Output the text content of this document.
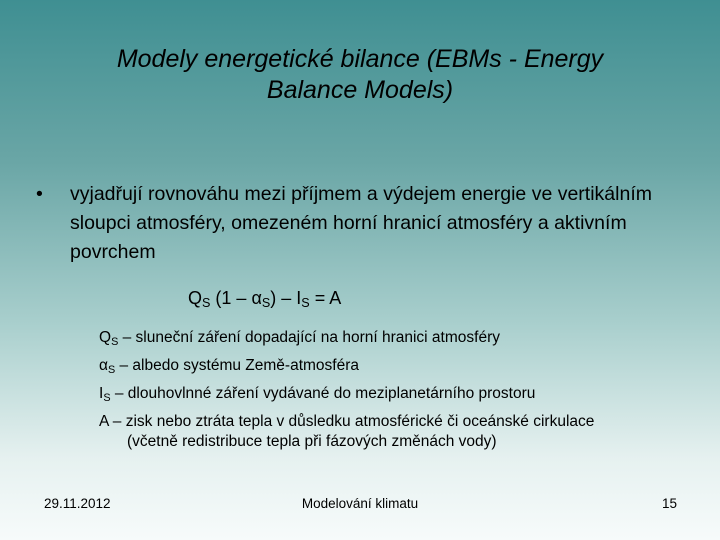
Modely energetické bilance (EBMs - Energy
Balance Models)
•	vyjadřují rovnováhu mezi příjmem a výdejem energie ve vertikálním sloupci atmosféry, omezeném horní hranicí atmosféry a aktivním povrchem
$Q_S$ $(1 - \alpha_S) - I_S = A$
$Q_S$ – sluneční záření dopadající na horní hranici atmosféry
$\alpha_S$ – albedo systému Země-atmosféra
$I_S$ – dlouhovlnné záření vydávané do meziplanetárního prostoru
A – zisk nebo ztráta tepla v důsledku atmosférické či oceánské cirkulace
(včetně redistribuce tepla při fázových změnách vody)
29.11.2012	Modelování klimatu	15
